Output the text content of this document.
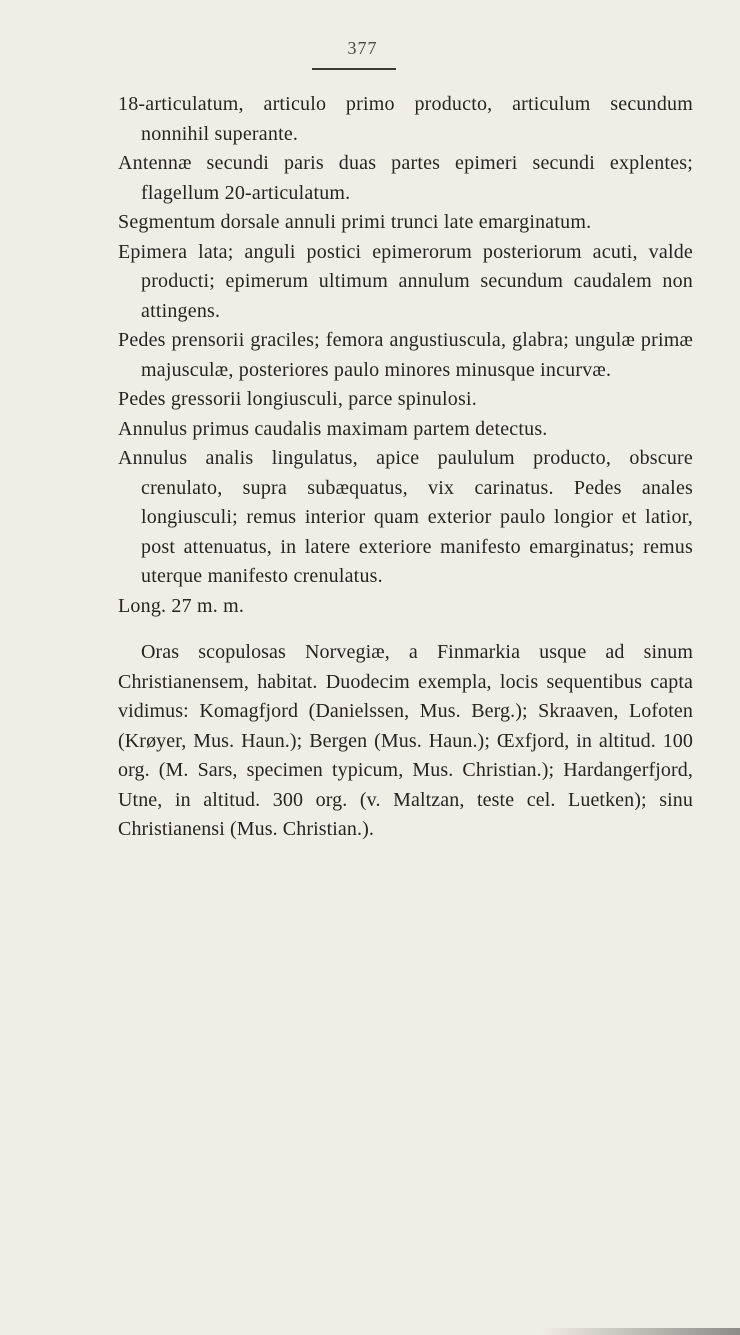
377

18-articulatum, articulo primo producto, articulum secundum nonnihil superante.

Antennæ secundi paris duas partes epimeri secundi explentes; flagellum 20-articulatum.

Segmentum dorsale annuli primi trunci late emarginatum.

Epimera lata; anguli postici epimerorum posteriorum acuti, valde producti; epimerum ultimum annulum secundum caudalem non attingens.

Pedes prensorii graciles; femora angustiuscula, glabra; ungulæ primæ majusculæ, posteriores paulo minores minusque incurvæ.

Pedes gressorii longiusculi, parce spinulosi.

Annulus primus caudalis maximam partem detectus.

Annulus analis lingulatus, apice paululum producto, obscure crenulato, supra subæquatus, vix carinatus. Pedes anales longiusculi; remus interior quam exterior paulo longior et latior, post attenuatus, in latere exteriore manifesto emarginatus; remus uterque manifesto crenulatus.

Long. 27 m. m.

Oras scopulosas Norvegiæ, a Finmarkia usque ad sinum Christianensem, habitat. Duodecim exempla, locis sequentibus capta vidimus: Komagfjord (Danielssen, Mus. Berg.); Skraaven, Lofoten (Krøyer, Mus. Haun.); Bergen (Mus. Haun.); Œxfjord, in altitud. 100 org. (M. Sars, specimen typicum, Mus. Christian.); Hardangerfjord, Utne, in altitud. 300 org. (v. Maltzan, teste cel. Luetken); sinu Christianensi (Mus. Christian.).
